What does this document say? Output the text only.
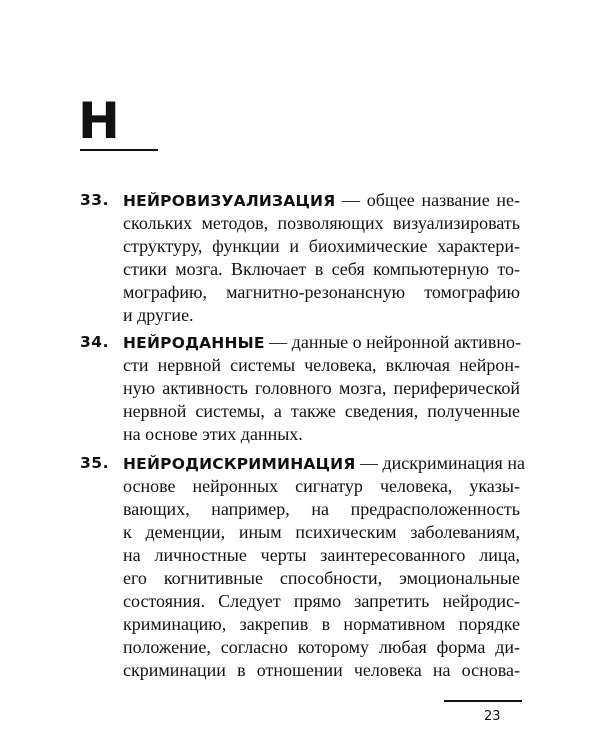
Н
33. НЕЙРОВИЗУАЛИЗАЦИЯ — общее название не-
скольких методов, позволяющих визуализировать
структуру, функции и биохимические характери-
стики мозга. Включает в себя компьютерную то-
мографию, магнитно-резонансную томографию
и другие.
34. НЕЙРОДАННЫЕ — данные о нейронной активно-
сти нервной системы человека, включая нейрон-
ную активность головного мозга, периферической
нервной системы, а также сведения, полученные
на основе этих данных.
35. НЕЙРОДИСКРИМИНАЦИЯ — дискриминация на
основе нейронных сигнатур человека, указы-
вающих, например, на предрасположенность
к деменции, иным психическим заболеваниям,
на личностные черты заинтересованного лица,
его когнитивные способности, эмоциональные
состояния. Следует прямо запретить нейродис-
криминацию, закрепив в нормативном порядке
положение, согласно которому любая форма ди-
скриминации в отношении человека на основа-
23
